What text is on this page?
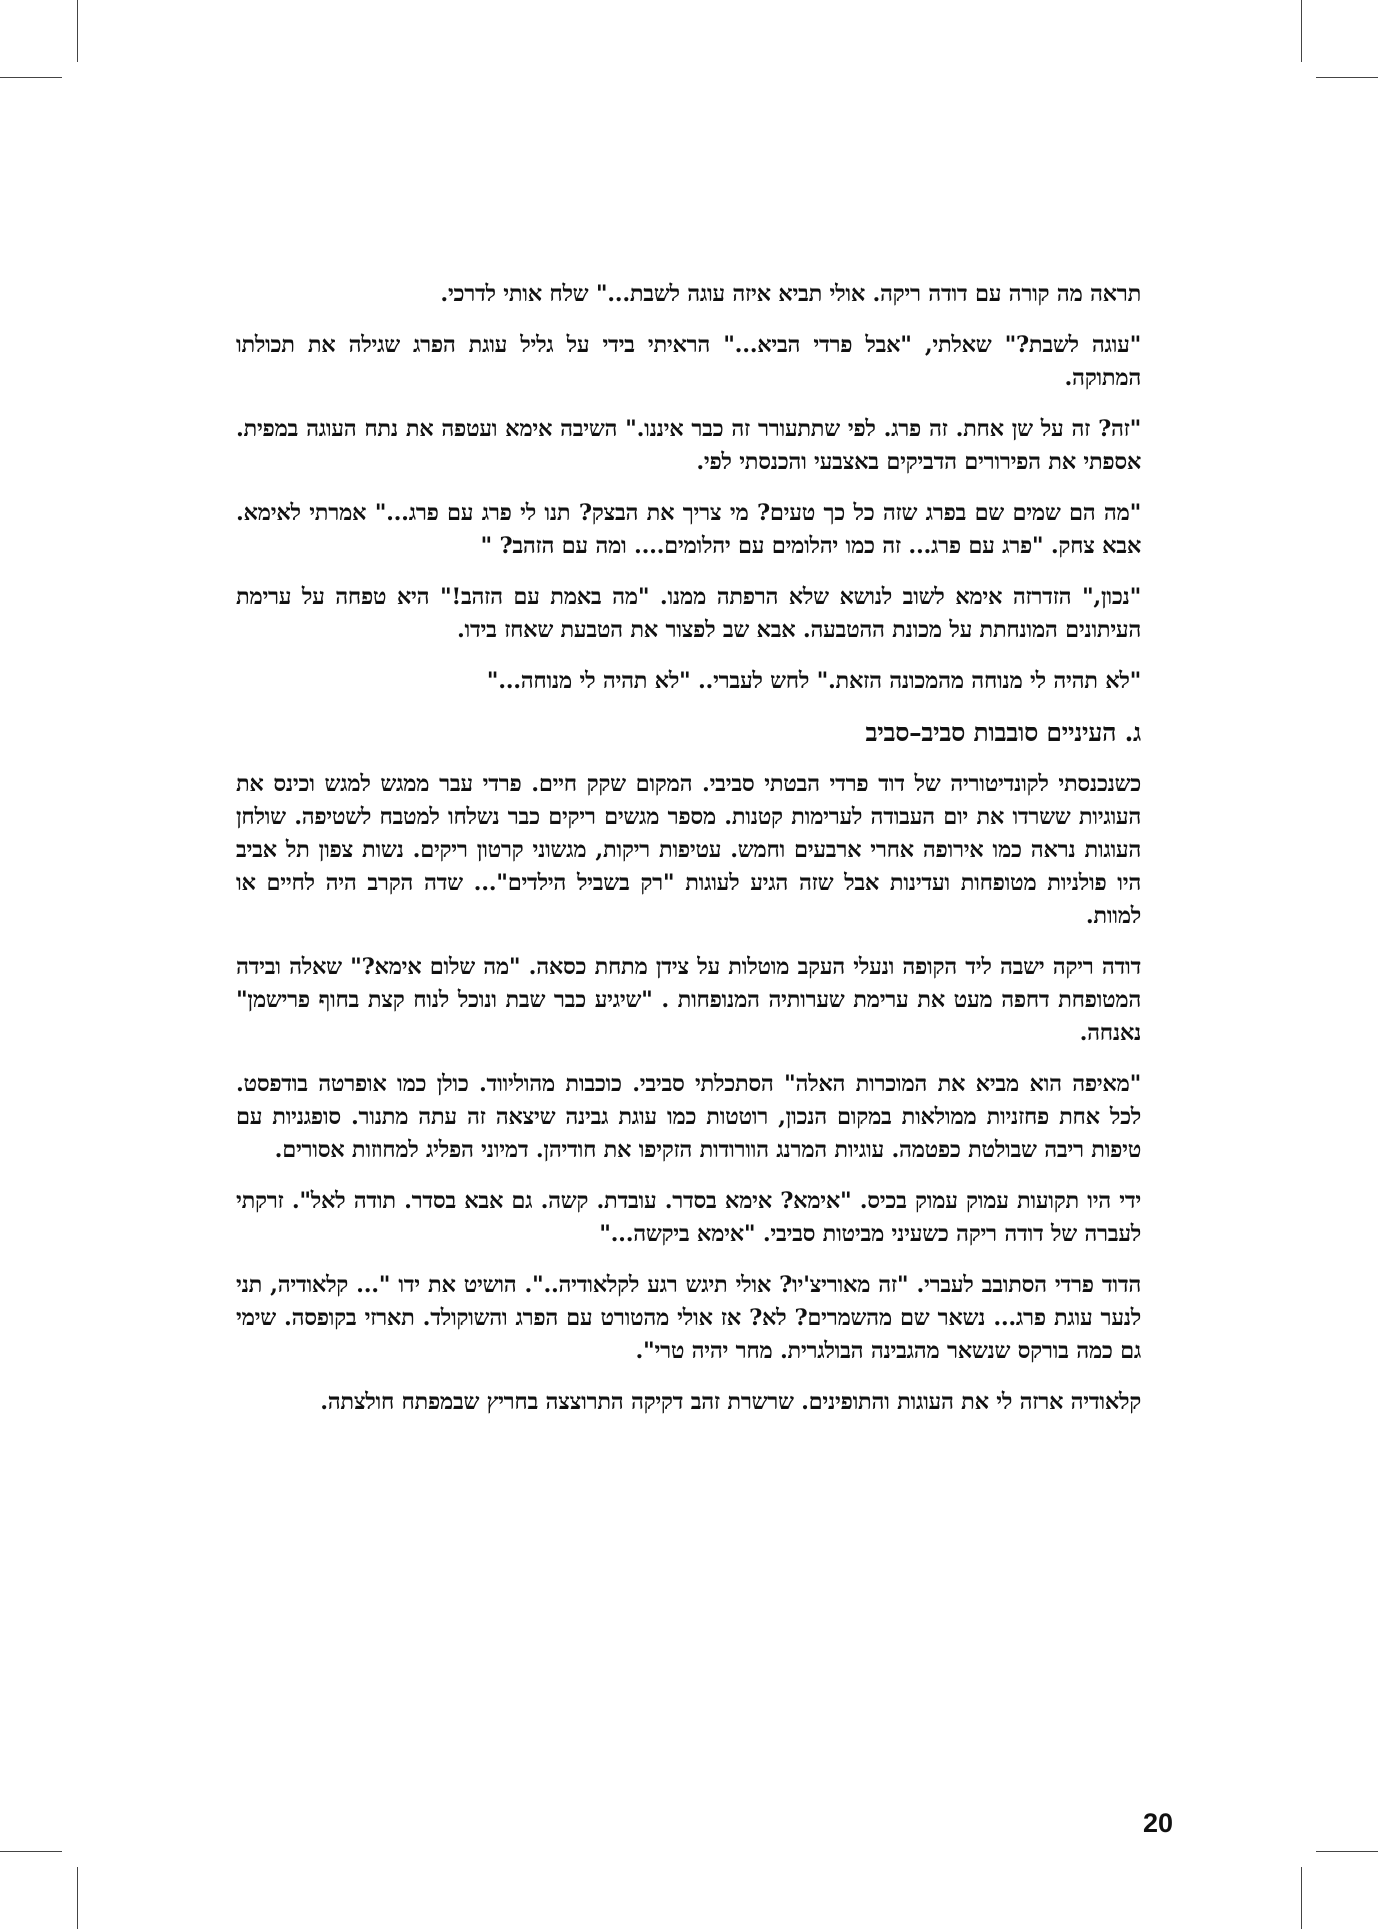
תראה מה קורה עם דודה ריקה. אולי תביא איזה עוגה לשבת..." שלח אותי לדרכי.

"עוגה לשבת?" שאלתי, "אבל פרדי הביא..." הראיתי בידי על גליל עוגת הפרג שגילה את תכולתו המתוקה.

"זה? זה על שן אחת. זה פרג. לפי שתתעורר זה כבר איננו." השיבה אימא ועטפה את נתח העוגה במפית. אספתי את הפירורים הדביקים באצבעי והכנסתי לפי.

"מה הם שמים שם בפרג שזה כל כך טעים? מי צריך את הבצק? תנו לי פרג עם פרג..." אמרתי לאימא. אבא צחק. "פרג עם פרג... זה כמו יהלומים עם יהלומים.... ומה עם הזהב? "

"נכון," הזדרזה אימא לשוב לנושא שלא הרפתה ממנו. "מה באמת עם הזהב!" היא טפחה על ערימת העיתונים המונחתת על מכונת ההטבעה. אבא שב לפצור את הטבעת שאחז בידו.

"לא תהיה לי מנוחה מהמכונה הזאת." לחש לעברי.. "לא תהיה לי מנוחה..."

ג. העיניים סובבות סביב–סביב

כשנכנסתי לקונדיטוריה של דוד פרדי הבטתי סביבי. המקום שקק חיים. פרדי עבר ממגש למגש וכינס את העוגיות ששרדו את יום העבודה לערימות קטנות. מספר מגשים ריקים כבר נשלחו למטבח לשטיפה. שולחן העוגות נראה כמו אירופה אחרי ארבעים וחמש. עטיפות ריקות, מגשוני קרטון ריקים. נשות צפון תל אביב היו פולניות מטופחות ועדינות אבל שזה הגיע לעוגות "רק בשביל הילדים"... שדה הקרב היה לחיים או למוות.

דודה ריקה ישבה ליד הקופה ונעלי העקב מוטלות על צידן מתחת כסאה. "מה שלום אימא?" שאלה ובידה המטופחת דחפה מעט את ערימת שערותיה המנופחות . "שיגיע כבר שבת ונוכל לנוח קצת בחוף פרישמן" נאנחה.

"מאיפה הוא מביא את המוכרות האלה" הסתכלתי סביבי. כוכבות מהוליווד. כולן כמו אופרטה בודפסט. לכל אחת פחזניות ממולאות במקום הנכון, רוטטות כמו עוגת גבינה שיצאה זה עתה מתנור. סופגניות עם טיפות ריבה שבולטת כפטמה. עוגיות המרנג הוורודות הזקיפו את חודיהן. דמיוני הפליג למחוזות אסורים.

ידי היו תקועות עמוק עמוק בכיס. "אימא? אימא בסדר. עובדת. קשה. גם אבא בסדר. תודה לאל". זרקתי לעברה של דודה ריקה כשעיני מביטות סביבי. "אימא ביקשה..."

הדוד פרדי הסתובב לעברי. "זה מאוריצ'יו? אולי תיגש רגע לקלאודיה..". הושיט את ידו "... קלאודיה, תני לנער עוגת פרג... נשאר שם מהשמרים? לא? אז אולי מהטורט עם הפרג והשוקולד. תארזי בקופסה. שימי גם כמה בורקס שנשאר מהגבינה הבולגרית. מחר יהיה טרי".

קלאודיה ארזה לי את העוגות והתופינים. שרשרת זהב דקיקה התרוצצה בחריץ שבמפתח חולצתה.

20
